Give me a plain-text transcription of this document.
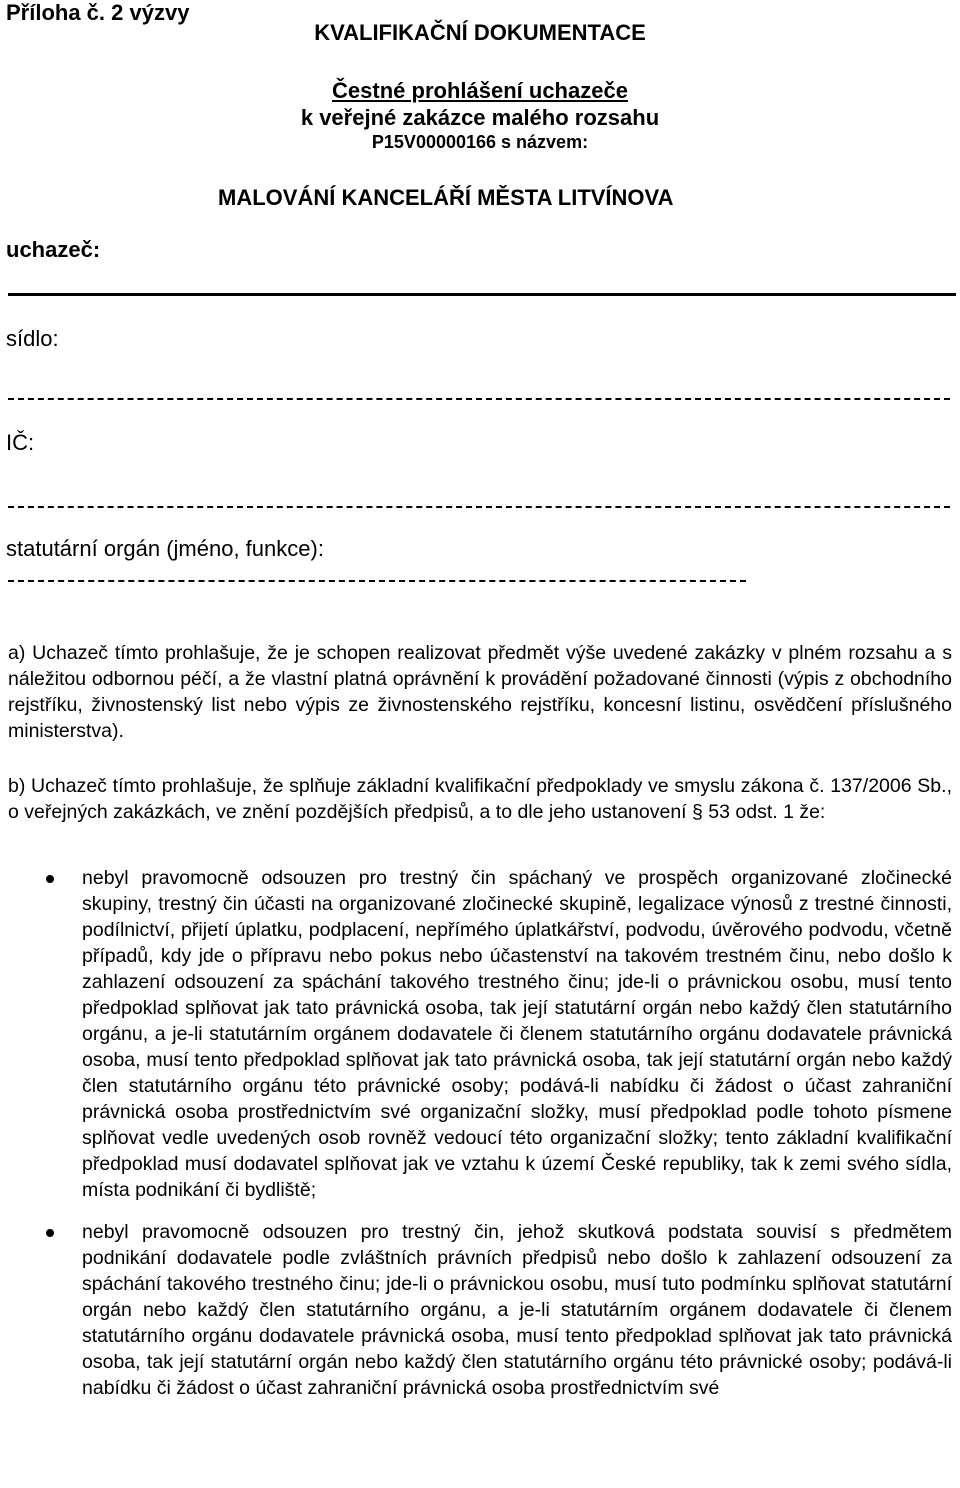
Příloha č. 2 výzvy
KVALIFIKAČNÍ DOKUMENTACE
Čestné prohlášení uchazeče
k veřejné zakázce malého rozsahu
P15V00000166 s názvem:
MALOVÁNÍ KANCELÁŘÍ MĚSTA LITVÍNOVA
uchazeč:
sídlo:
IČ:
statutární orgán (jméno, funkce):
a) Uchazeč tímto prohlašuje, že je schopen realizovat předmět výše uvedené zakázky v plném rozsahu a s náležitou odbornou péčí, a že vlastní platná oprávnění k provádění požadované činnosti (výpis z obchodního rejstříku, živnostenský list nebo výpis ze živnostenského rejstříku, koncesní listinu, osvědčení příslušného ministerstva).
b) Uchazeč tímto prohlašuje, že splňuje základní kvalifikační předpoklady ve smyslu zákona č. 137/2006 Sb., o veřejných zakázkách, ve znění pozdějších předpisů, a to dle jeho ustanovení § 53 odst. 1 že:
nebyl pravomocně odsouzen pro trestný čin spáchaný ve prospěch organizované zločinecké skupiny, trestný čin účasti na organizované zločinecké skupině, legalizace výnosů z trestné činnosti, podílnictví, přijetí úplatku, podplacení, nepřímého úplatkářství, podvodu, úvěrového podvodu, včetně případů, kdy jde o přípravu nebo pokus nebo účastenství na takovém trestném činu, nebo došlo k zahlazení odsouzení za spáchání takového trestného činu; jde-li o právnickou osobu, musí tento předpoklad splňovat jak tato právnická osoba, tak její statutární orgán nebo každý člen statutárního orgánu, a je-li statutárním orgánem dodavatele či členem statutárního orgánu dodavatele právnická osoba, musí tento předpoklad splňovat jak tato právnická osoba, tak její statutární orgán nebo každý člen statutárního orgánu této právnické osoby; podává-li nabídku či žádost o účast zahraniční právnická osoba prostřednictvím své organizační složky, musí předpoklad podle tohoto písmene splňovat vedle uvedených osob rovněž vedoucí této organizační složky; tento základní kvalifikační předpoklad musí dodavatel splňovat jak ve vztahu k území České republiky, tak k zemi svého sídla, místa podnikání či bydliště;
nebyl pravomocně odsouzen pro trestný čin, jehož skutková podstata souvisí s předmětem podnikání dodavatele podle zvláštních právních předpisů nebo došlo k zahlazení odsouzení za spáchání takového trestného činu; jde-li o právnickou osobu, musí tuto podmínku splňovat statutární orgán nebo každý člen statutárního orgánu, a je-li statutárním orgánem dodavatele či členem statutárního orgánu dodavatele právnická osoba, musí tento předpoklad splňovat jak tato právnická osoba, tak její statutární orgán nebo každý člen statutárního orgánu této právnické osoby; podává-li nabídku či žádost o účast zahraniční právnická osoba prostřednictvím své
